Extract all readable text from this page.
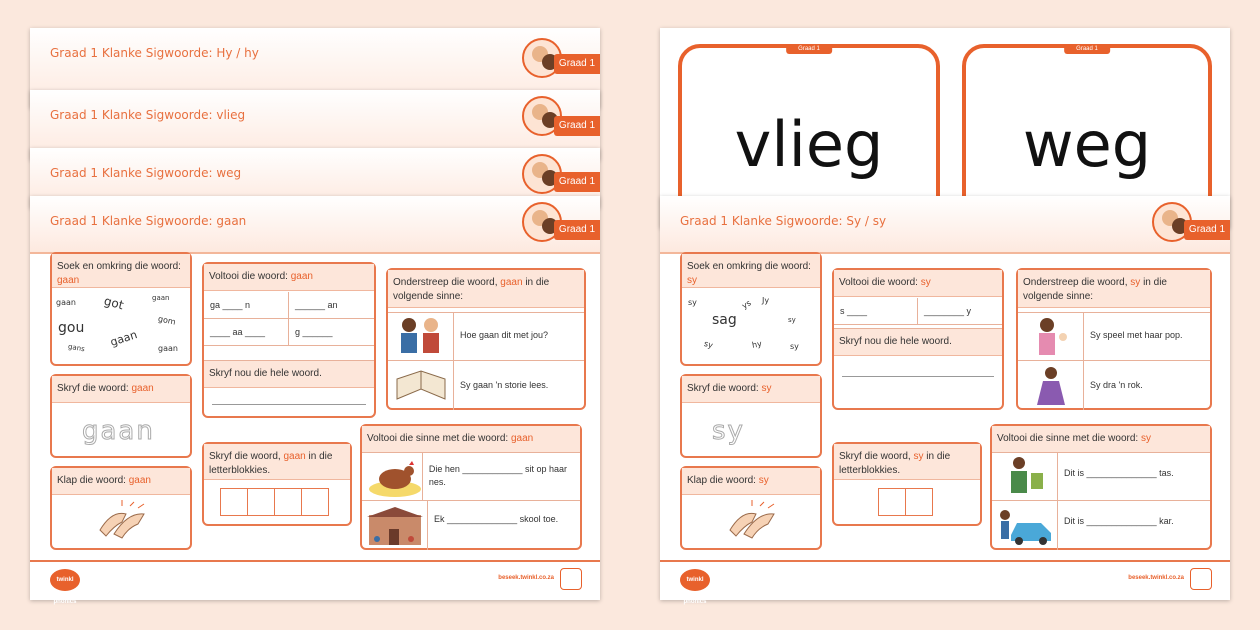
Graad 1 Klanke Sigwoorde: Hy / hy
Graad 1
Graad 1 Klanke Sigwoorde: vlieg
Graad 1
Graad 1 Klanke Sigwoorde: weg
Graad 1
Graad 1 Klanke Sigwoorde: gaan
Graad 1
Soek en omkring die woord:
gaan
gaan got	gaan
gou	gom
gaan
gans	gaan
Skryf die woord: gaan
gaan
Klap die woord: gaan
Voltooi die woord: gaan
ga ____ n	______ an
____ aa ____	g ______
Skryf nou die hele woord.
Skryf die woord, gaan in die letterblokkies.
Onderstreep die woord, gaan in die volgende sinne:
Hoe gaan dit met jou?
Sy gaan 'n storie lees.
Voltooi die sinne met die woord: gaan
Die hen ____________ sit op haar nes.
Ek ______________ skool toe.
twinkl phonics
beseek.twinkl.co.za
Graad 1
vlieg
Graad 1
weg
Graad 1 Klanke Sigwoorde: Sy / sy
Graad 1
Soek en omkring die woord:
sy
sy	ys Jy
sag	sy
sy	hy	sy
Skryf die woord: sy
sy
Klap die woord: sy
Voltooi die woord: sy
s ____	________ y
Skryf nou die hele woord.
Skryf die woord, sy in die letterblokkies.
Onderstreep die woord, sy in die volgende sinne:
Sy speel met haar pop.
Sy dra 'n rok.
Voltooi die sinne met die woord: sy
Dit is ______________ tas.
Dit is ______________ kar.
twinkl phonics
beseek.twinkl.co.za
